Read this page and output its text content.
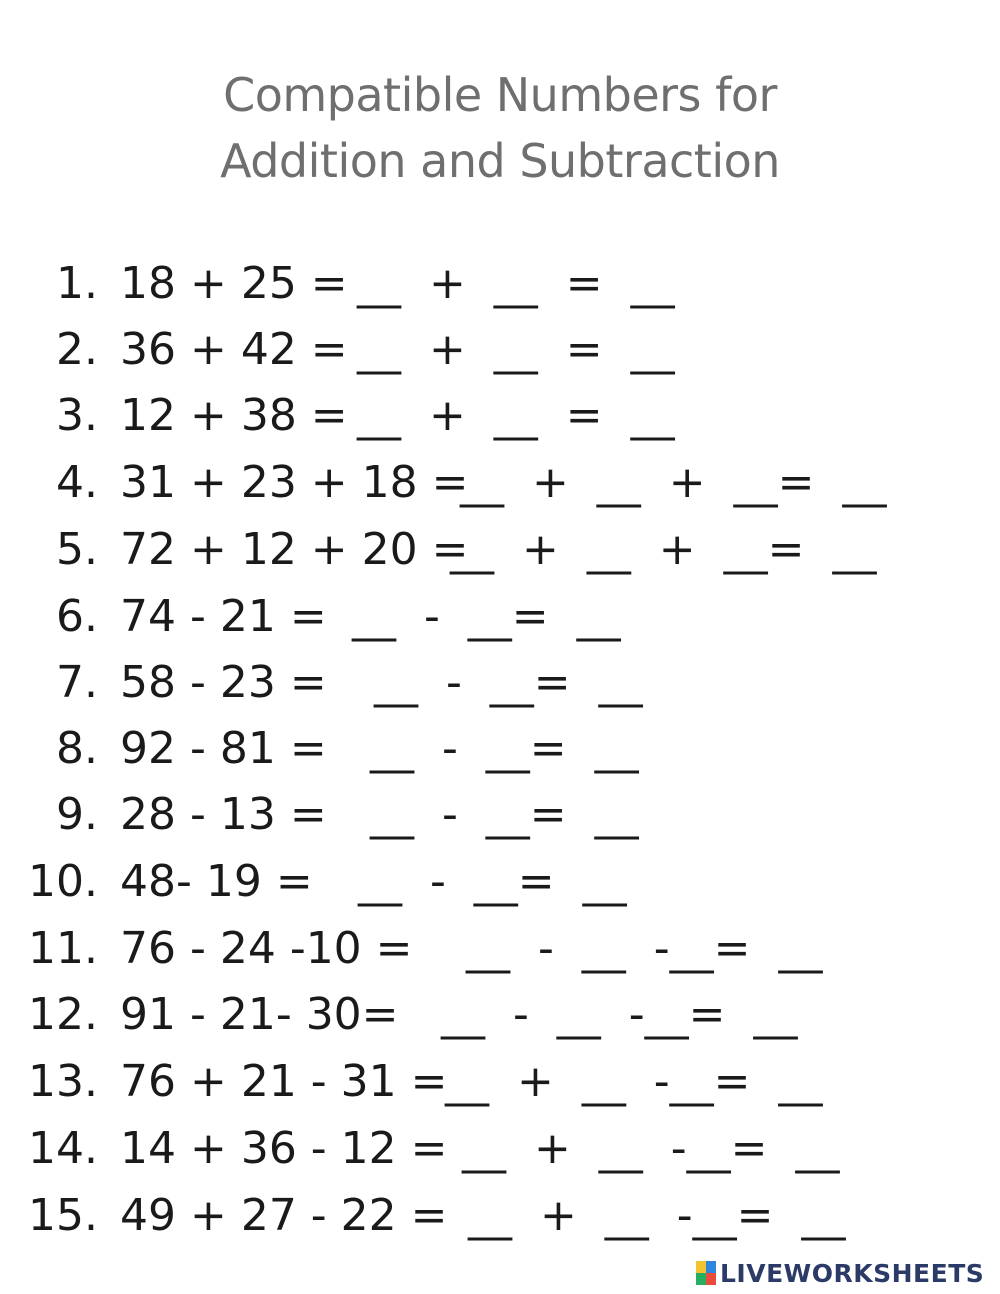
Compatible Numbers for
Addition and Subtraction
1. 18 + 25 =
__  +  __  =  __
2. 36 + 42 =
__  +  __  =  __
3. 12 + 38 =
__  +  __  =  __
4. 31 + 23 + 18 =
__  +  __  +  __=  __
5. 72 + 12 + 20 =
__  +  __  +  __=  __
6. 74 - 21 = __  -  __=  __
7. 58 - 23 = __  -  __=  __
8. 92 - 81 = __  -  __=  __
9. 28 - 13 = __  -  __=  __
10. 48- 19 = __  -  __=  __
11. 76 - 24 -10 = __  -  __  -__=  __
12. 91 - 21- 30= __  -  __  -__=  __
13. 76 + 21 - 31 =
__  +  __  -__=  __
14. 14 + 36 - 12 = __  +  __  -__=  __
15. 49 + 27 - 22 = __  +  __  -__=  __
LIVEWORKSHEETS
